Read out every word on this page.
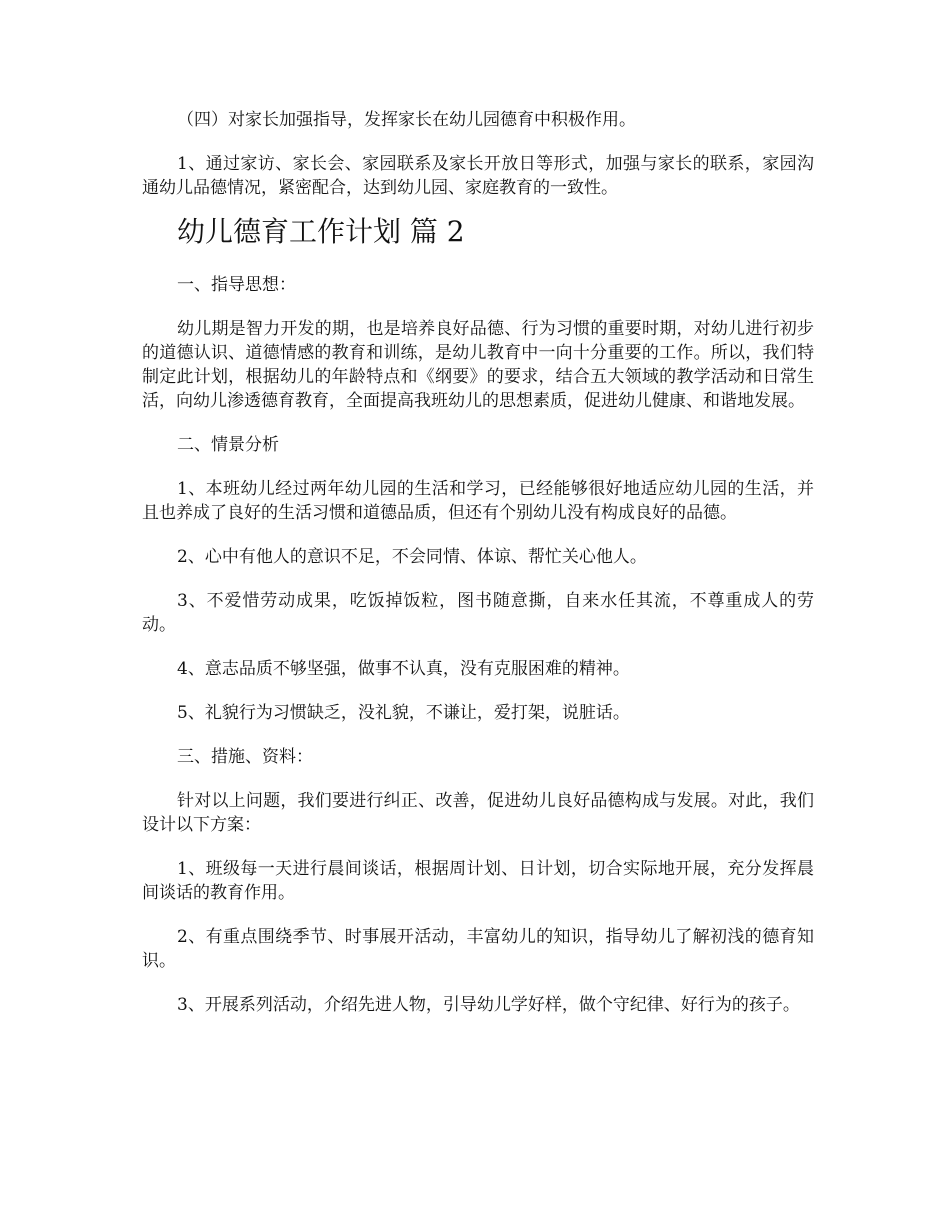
（四）对家长加强指导，发挥家长在幼儿园德育中积极作用。

1、通过家访、家长会、家园联系及家长开放日等形式，加强与家长的联系，家园沟通幼儿品德情况，紧密配合，达到幼儿园、家庭教育的一致性。

幼儿德育工作计划 篇 2

一、指导思想：

幼儿期是智力开发的期，也是培养良好品德、行为习惯的重要时期，对幼儿进行初步的道德认识、道德情感的教育和训练，是幼儿教育中一向十分重要的工作。所以，我们特制定此计划，根据幼儿的年龄特点和《纲要》的要求，结合五大领域的教学活动和日常生活，向幼儿渗透德育教育，全面提高我班幼儿的思想素质，促进幼儿健康、和谐地发展。

二、情景分析

1、本班幼儿经过两年幼儿园的生活和学习，已经能够很好地适应幼儿园的生活，并且也养成了良好的生活习惯和道德品质，但还有个别幼儿没有构成良好的品德。

2、心中有他人的意识不足，不会同情、体谅、帮忙关心他人。

3、不爱惜劳动成果，吃饭掉饭粒，图书随意撕，自来水任其流，不尊重成人的劳动。

4、意志品质不够坚强，做事不认真，没有克服困难的精神。

5、礼貌行为习惯缺乏，没礼貌，不谦让，爱打架，说脏话。

三、措施、资料：

针对以上问题，我们要进行纠正、改善，促进幼儿良好品德构成与发展。对此，我们设计以下方案：

1、班级每一天进行晨间谈话，根据周计划、日计划，切合实际地开展，充分发挥晨间谈话的教育作用。

2、有重点围绕季节、时事展开活动，丰富幼儿的知识，指导幼儿了解初浅的德育知识。

3、开展系列活动，介绍先进人物，引导幼儿学好样，做个守纪律、好行为的孩子。
